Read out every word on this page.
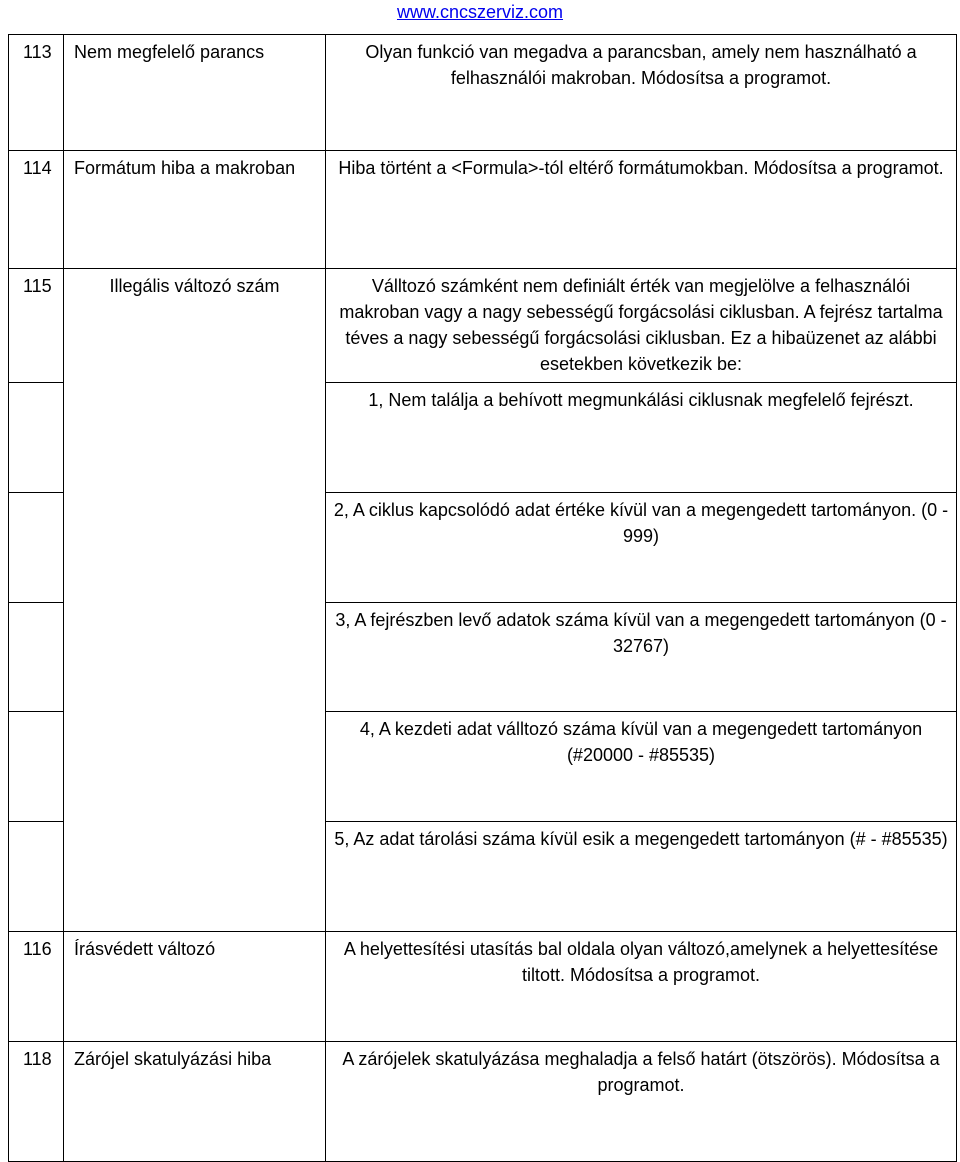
www.cncszerviz.com
113	Nem megfelelő parancs	Olyan funkció van megadva a parancsban, amely nem használható a felhasználói makroban. Módosítsa a programot.
114	Formátum hiba a makroban	Hiba történt a <Formula>-tól eltérő formátumokban. Módosítsa a programot.
115	Illegális változó szám	Válltozó számként nem definiált érték van megjelölve a felhasználói makroban vagy a nagy sebességű forgácsolási ciklusban. A fejrész tartalma téves a nagy sebességű forgácsolási ciklusban. Ez a hibaüzenet az alábbi esetekben következik be:
		1, Nem találja a behívott megmunkálási ciklusnak megfelelő fejrészt.
		2, A ciklus kapcsolódó adat értéke kívül van a megengedett tartományon. (0 - 999)
		3, A fejrészben levő adatok száma kívül van a megengedett tartományon (0 - 32767)
		4, A kezdeti adat válltozó száma kívül van a megengedett tartományon (#20000 - #85535)
		5, Az adat tárolási száma kívül esik a megengedett tartományon (# - #85535)
116	Írásvédett változó	A helyettesítési utasítás bal oldala olyan változó,amelynek a helyettesítése tiltott. Módosítsa a programot.
118	Zárójel skatulyázási hiba	A zárójelek skatulyázása meghaladja a felső határt (ötszörös). Módosítsa a programot.
